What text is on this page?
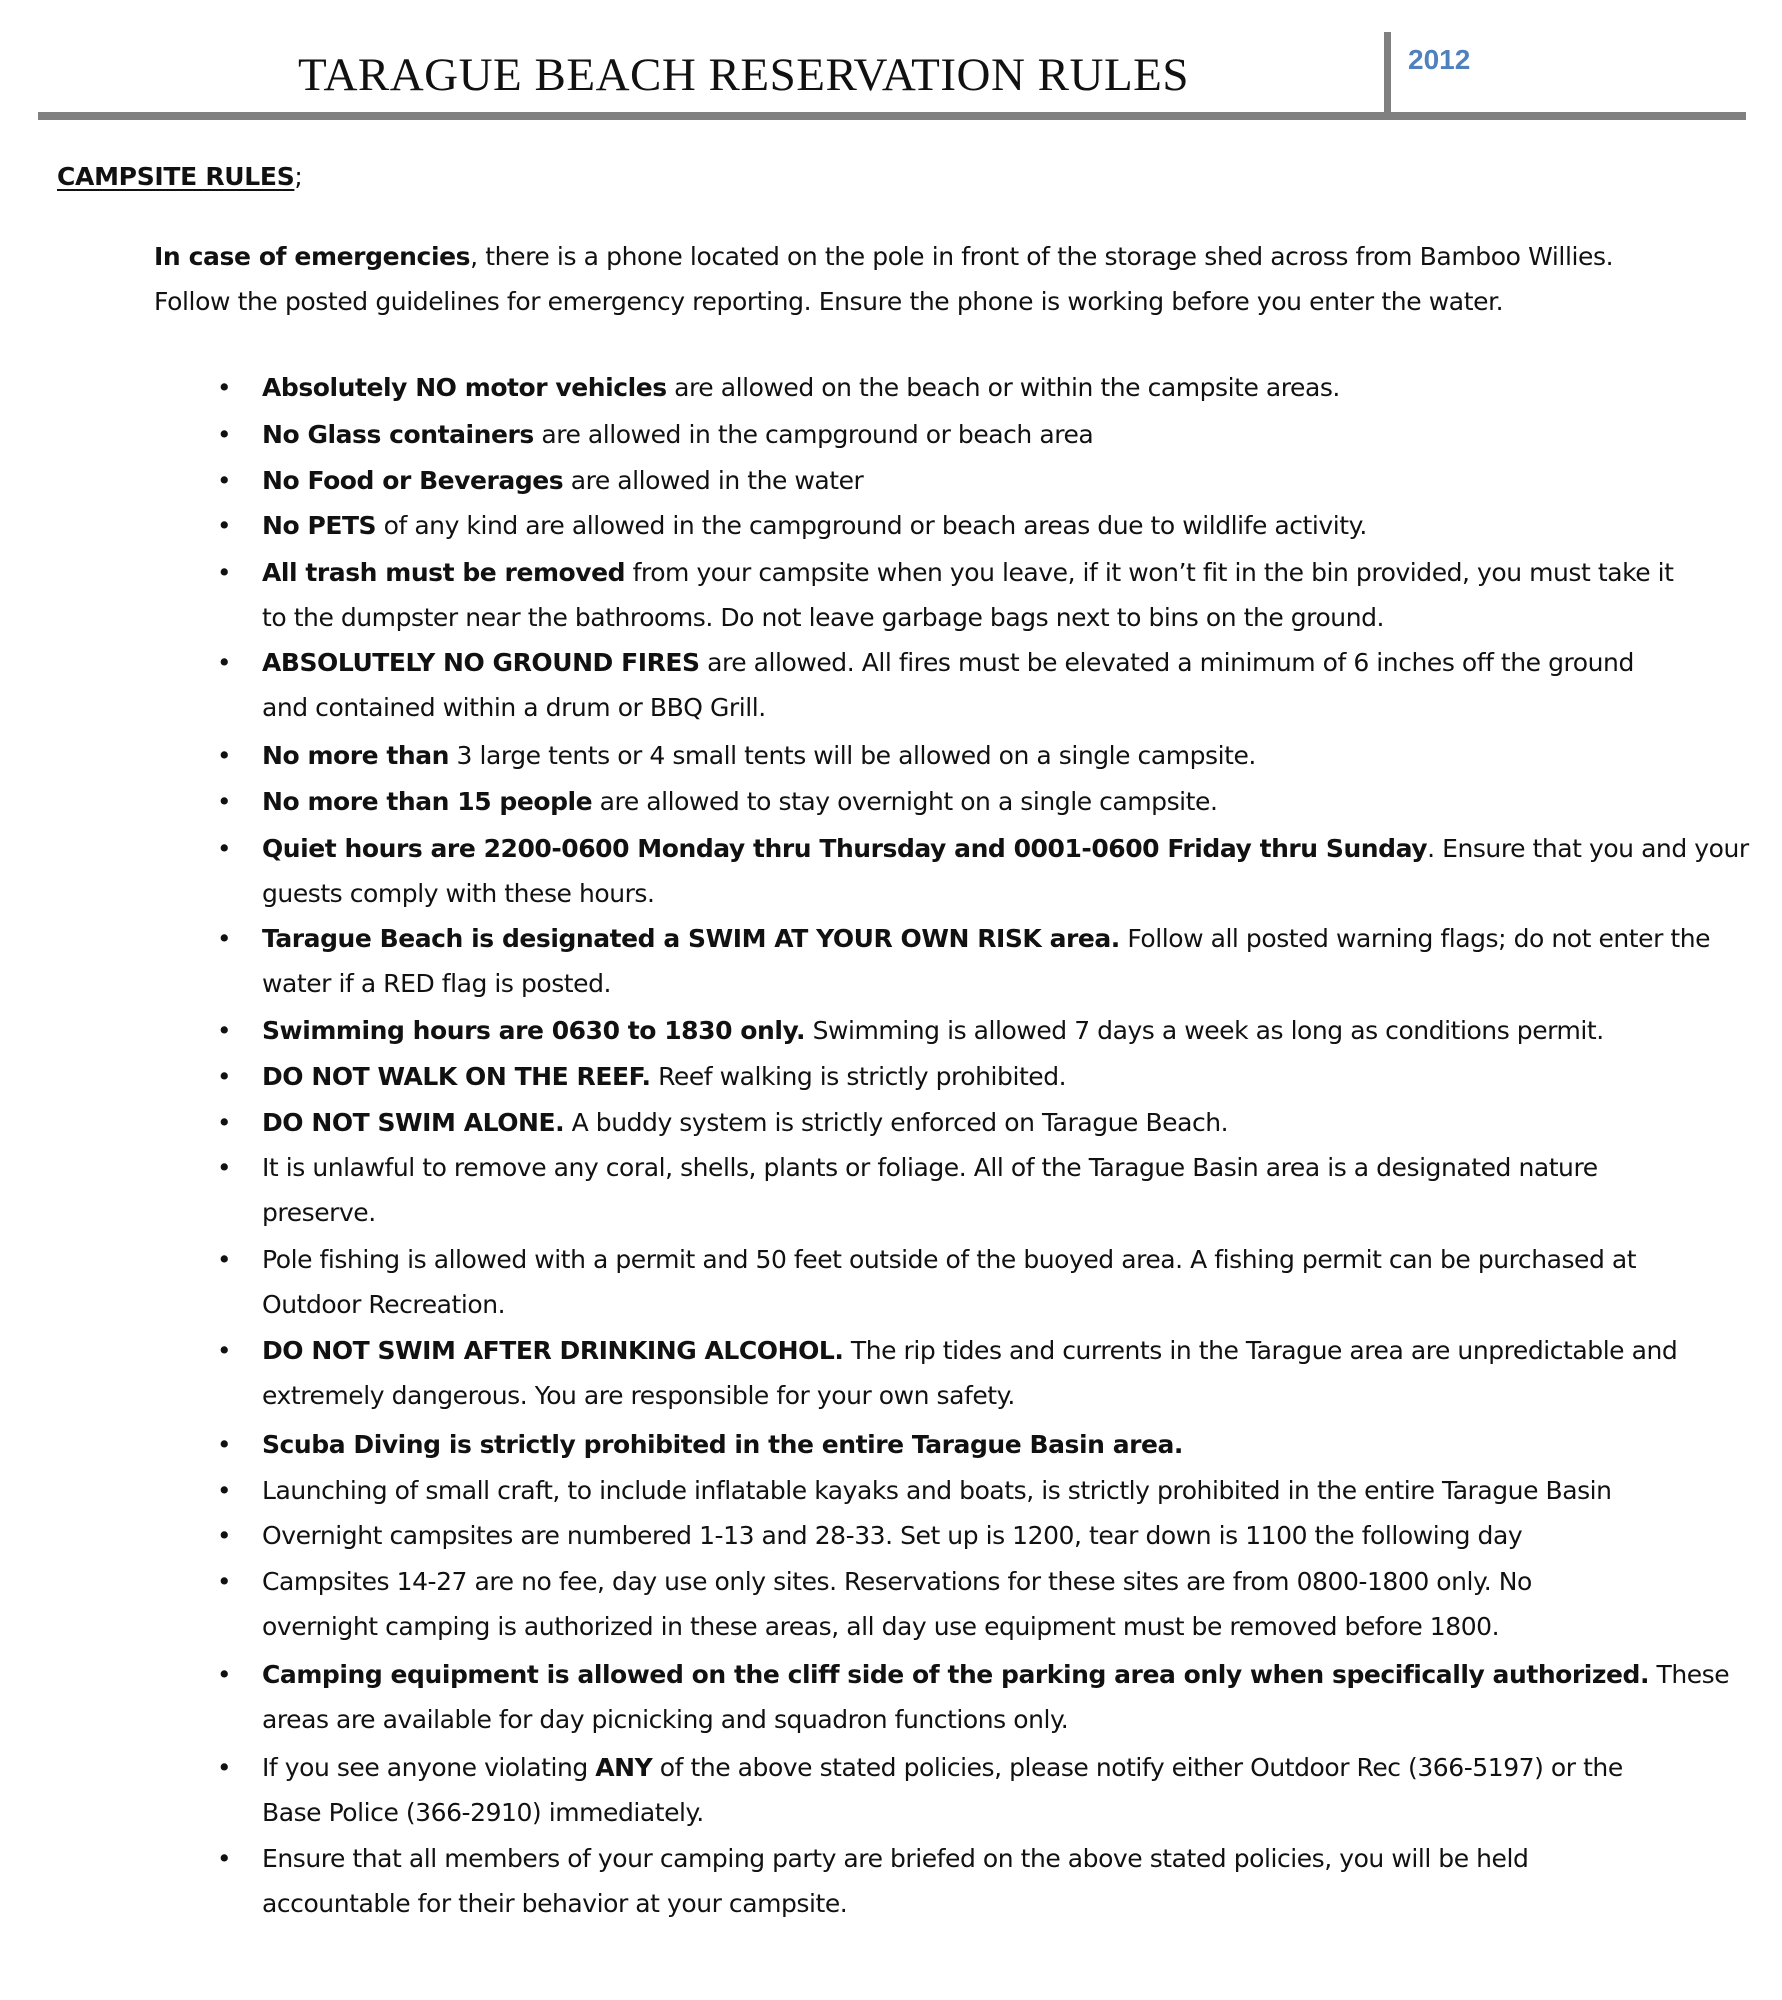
TARAGUE BEACH RESERVATION RULES	2012
CAMPSITE RULES;

In case of emergencies, there is a phone located on the pole in front of the storage shed across from Bamboo Willies.

Follow the posted guidelines for emergency reporting. Ensure the phone is working before you enter the water.

• Absolutely NO motor vehicles are allowed on the beach or within the campsite areas.
• No Glass containers are allowed in the campground or beach area
• No Food or Beverages are allowed in the water
• No PETS of any kind are allowed in the campground or beach areas due to wildlife activity.
• All trash must be removed from your campsite when you leave, if it won’t fit in the bin provided, you must take it
to the dumpster near the bathrooms. Do not leave garbage bags next to bins on the ground.
• ABSOLUTELY NO GROUND FIRES are allowed. All fires must be elevated a minimum of 6 inches off the ground
and contained within a drum or BBQ Grill.
• No more than 3 large tents or 4 small tents will be allowed on a single campsite.
• No more than 15 people are allowed to stay overnight on a single campsite.
• Quiet hours are 2200-0600 Monday thru Thursday and 0001-0600 Friday thru Sunday. Ensure that you and your
guests comply with these hours.
• Tarague Beach is designated a SWIM AT YOUR OWN RISK area. Follow all posted warning flags; do not enter the
water if a RED flag is posted.
• Swimming hours are 0630 to 1830 only. Swimming is allowed 7 days a week as long as conditions permit.
• DO NOT WALK ON THE REEF. Reef walking is strictly prohibited.
• DO NOT SWIM ALONE. A buddy system is strictly enforced on Tarague Beach.
• It is unlawful to remove any coral, shells, plants or foliage. All of the Tarague Basin area is a designated nature
preserve.
• Pole fishing is allowed with a permit and 50 feet outside of the buoyed area. A fishing permit can be purchased at
Outdoor Recreation.
• DO NOT SWIM AFTER DRINKING ALCOHOL. The rip tides and currents in the Tarague area are unpredictable and
extremely dangerous. You are responsible for your own safety.
• Scuba Diving is strictly prohibited in the entire Tarague Basin area.
• Launching of small craft, to include inflatable kayaks and boats, is strictly prohibited in the entire Tarague Basin
• Overnight campsites are numbered 1-13 and 28-33. Set up is 1200, tear down is 1100 the following day
• Campsites 14-27 are no fee, day use only sites. Reservations for these sites are from 0800-1800 only. No
overnight camping is authorized in these areas, all day use equipment must be removed before 1800.
• Camping equipment is allowed on the cliff side of the parking area only when specifically authorized. These
areas are available for day picnicking and squadron functions only.
• If you see anyone violating ANY of the above stated policies, please notify either Outdoor Rec (366-5197) or the
Base Police (366-2910) immediately.
• Ensure that all members of your camping party are briefed on the above stated policies, you will be held
accountable for their behavior at your campsite.
